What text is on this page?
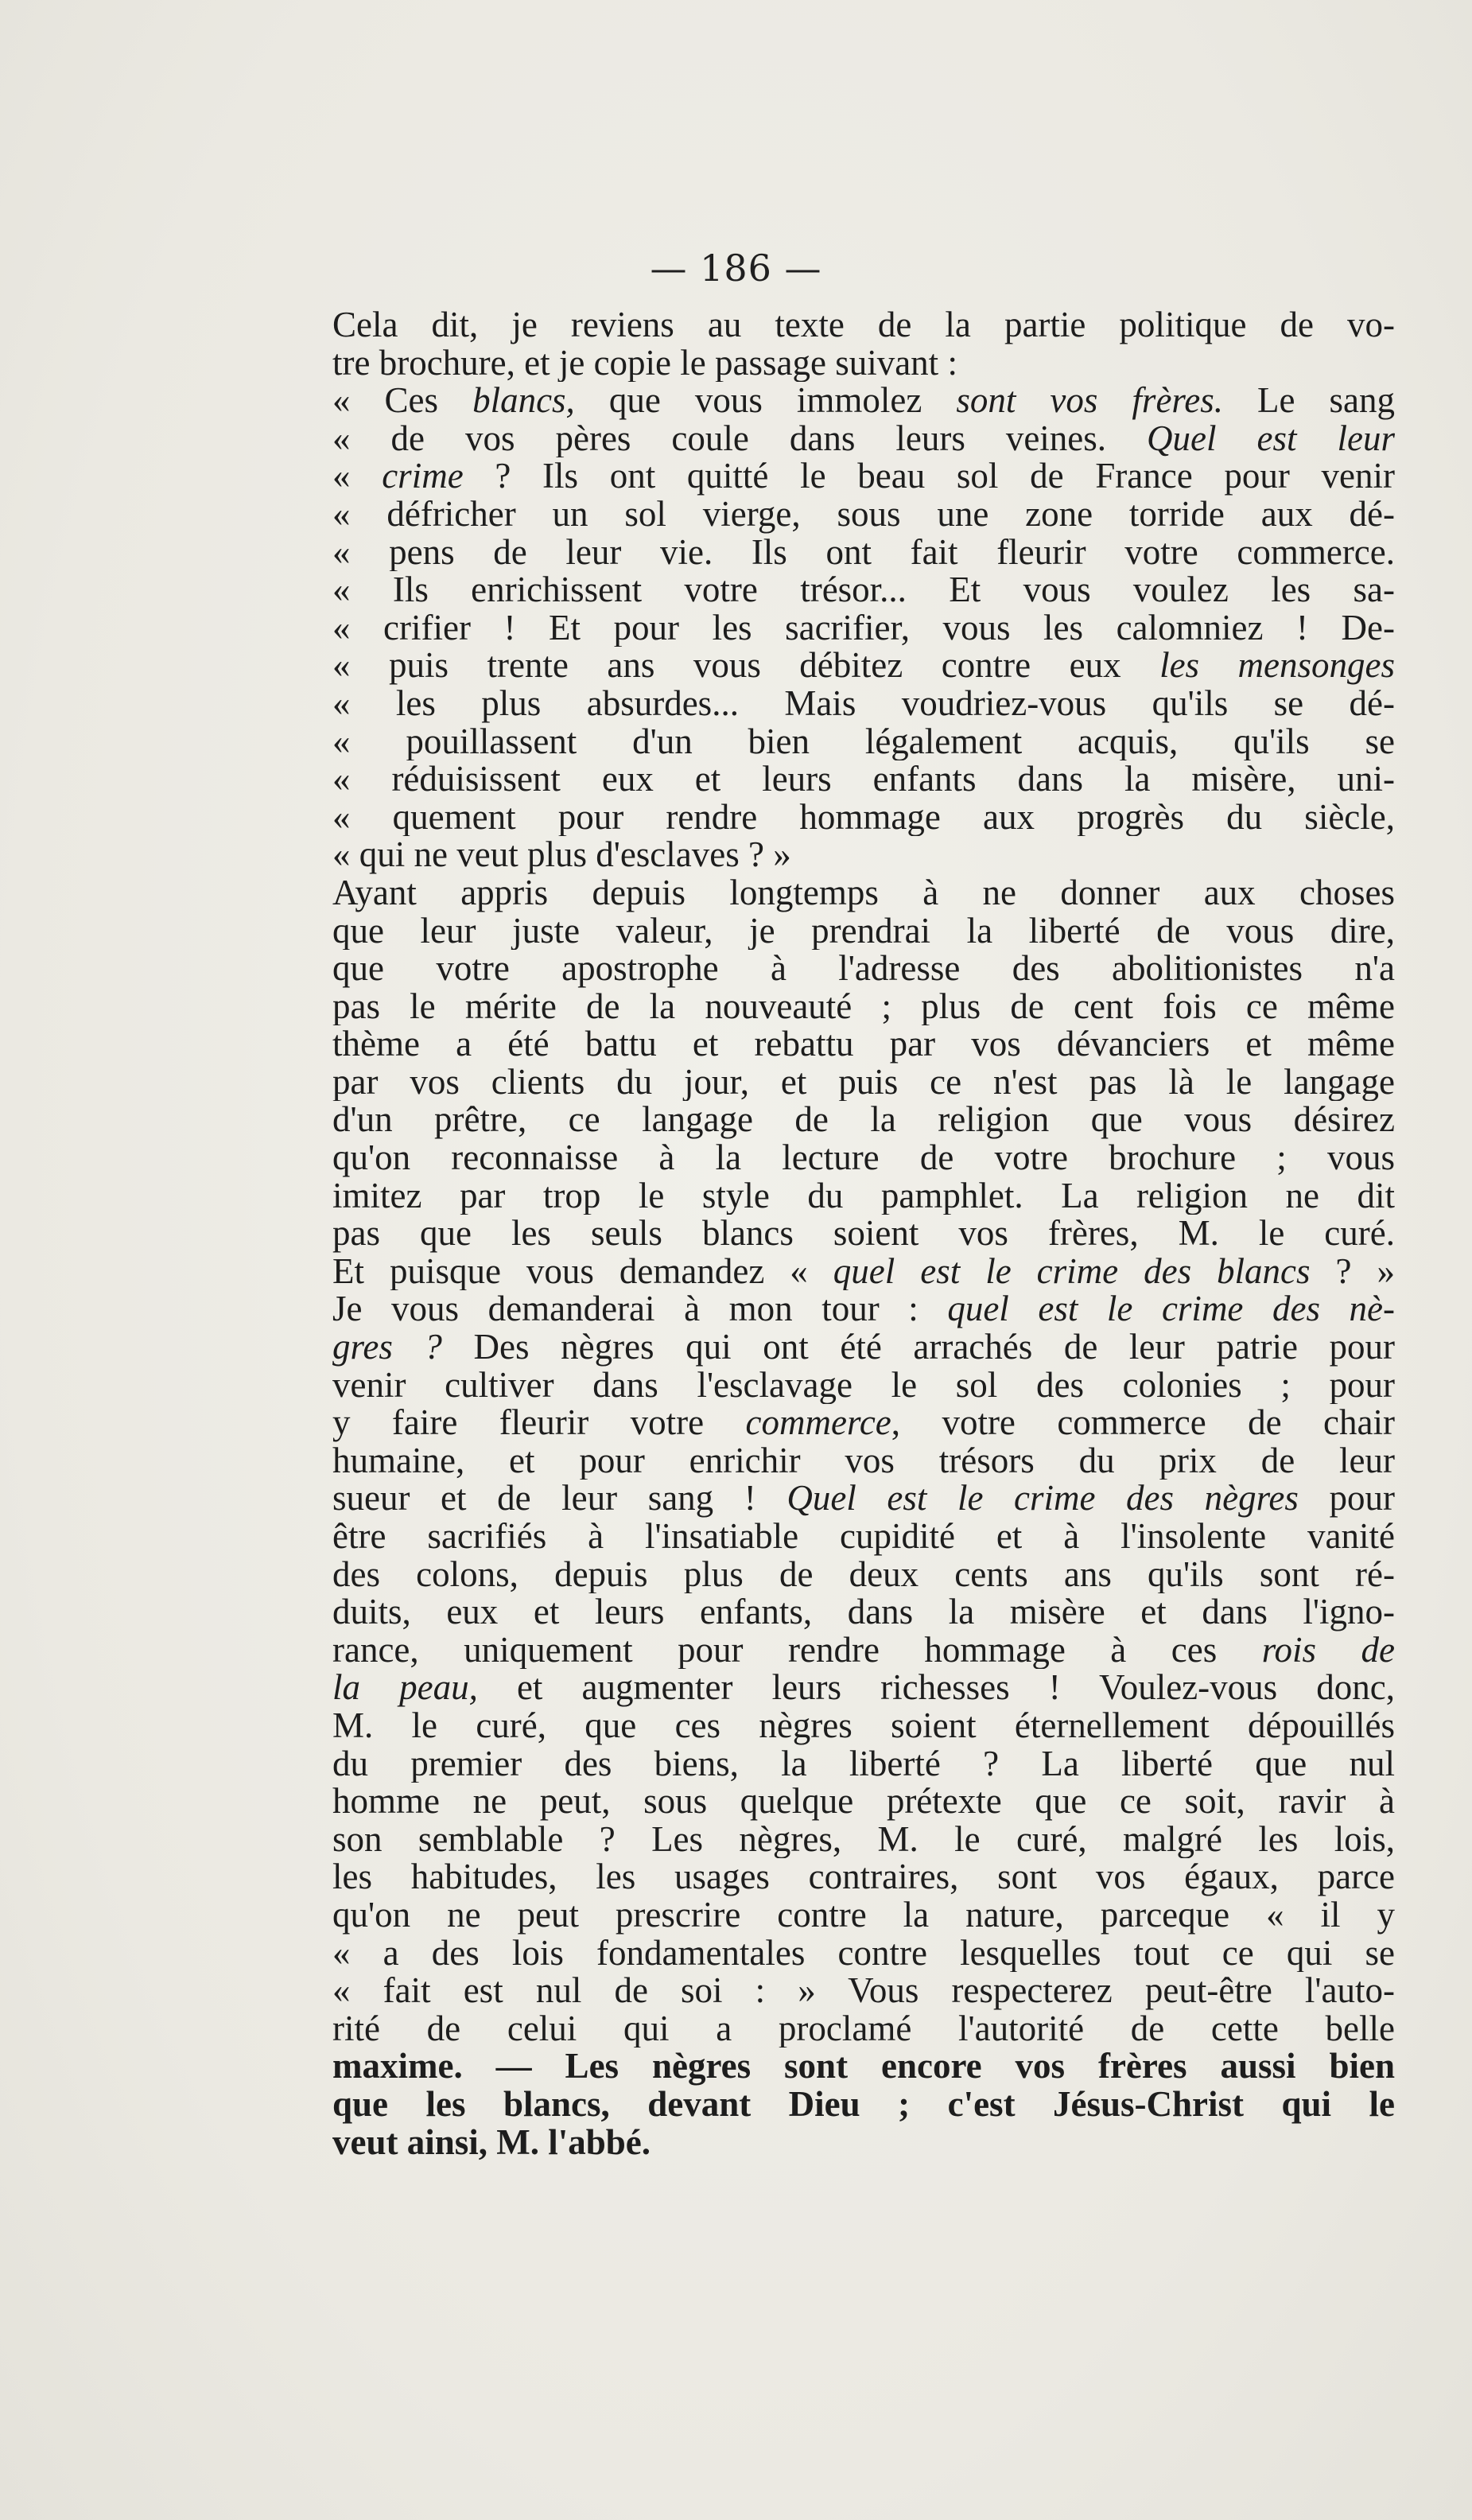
— 186 —
Cela dit, je reviens au texte de la partie politique de vo-
tre brochure, et je copie le passage suivant :
« Ces blancs, que vous immolez sont vos frères. Le sang
« de vos pères coule dans leurs veines. Quel est leur
« crime ? Ils ont quitté le beau sol de France pour venir
« défricher un sol vierge, sous une zone torride aux dé-
« pens de leur vie. Ils ont fait fleurir votre commerce.
« Ils enrichissent votre trésor... Et vous voulez les sa-
« crifier ! Et pour les sacrifier, vous les calomniez ! De-
« puis trente ans vous débitez contre eux les mensonges
« les plus absurdes... Mais voudriez-vous qu'ils se dé-
« pouillassent d'un bien légalement acquis, qu'ils se
« réduisissent eux et leurs enfants dans la misère, uni-
« quement pour rendre hommage aux progrès du siècle,
« qui ne veut plus d'esclaves ? »
Ayant appris depuis longtemps à ne donner aux choses
que leur juste valeur, je prendrai la liberté de vous dire,
que votre apostrophe à l'adresse des abolitionistes n'a
pas le mérite de la nouveauté ; plus de cent fois ce même
thème a été battu et rebattu par vos dévanciers et même
par vos clients du jour, et puis ce n'est pas là le langage
d'un prêtre, ce langage de la religion que vous désirez
qu'on reconnaisse à la lecture de votre brochure ; vous
imitez par trop le style du pamphlet. La religion ne dit
pas que les seuls blancs soient vos frères, M. le curé.
Et puisque vous demandez « quel est le crime des blancs ? »
Je vous demanderai à mon tour : quel est le crime des nè-
gres ? Des nègres qui ont été arrachés de leur patrie pour
venir cultiver dans l'esclavage le sol des colonies ; pour
y faire fleurir votre commerce, votre commerce de chair
humaine, et pour enrichir vos trésors du prix de leur
sueur et de leur sang ! Quel est le crime des nègres pour
être sacrifiés à l'insatiable cupidité et à l'insolente vanité
des colons, depuis plus de deux cents ans qu'ils sont ré-
duits, eux et leurs enfants, dans la misère et dans l'igno-
rance, uniquement pour rendre hommage à ces rois de
la peau, et augmenter leurs richesses ! Voulez-vous donc,
M. le curé, que ces nègres soient éternellement dépouillés
du premier des biens, la liberté ? La liberté que nul
homme ne peut, sous quelque prétexte que ce soit, ravir à
son semblable ? Les nègres, M. le curé, malgré les lois,
les habitudes, les usages contraires, sont vos égaux, parce
qu'on ne peut prescrire contre la nature, parceque « il y
« a des lois fondamentales contre lesquelles tout ce qui se
« fait est nul de soi : » Vous respecterez peut-être l'auto-
rité de celui qui a proclamé l'autorité de cette belle
maxime. — Les nègres sont encore vos frères aussi bien
que les blancs, devant Dieu ; c'est Jésus-Christ qui le
veut ainsi, M. l'abbé.
